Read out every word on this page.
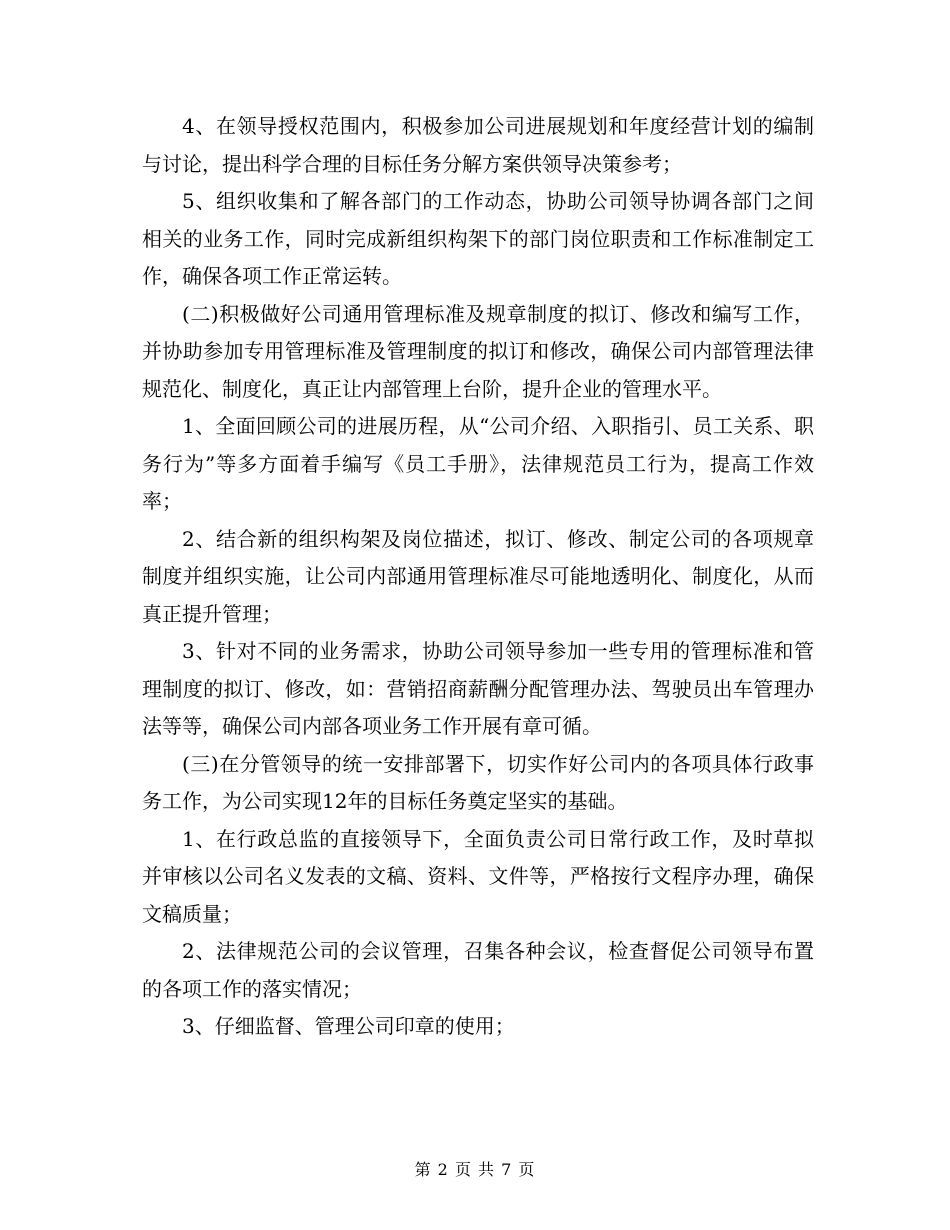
4、在领导授权范围内，积极参加公司进展规划和年度经营计划的编制与讨论，提出科学合理的目标任务分解方案供领导决策参考；

5、组织收集和了解各部门的工作动态，协助公司领导协调各部门之间相关的业务工作，同时完成新组织构架下的部门岗位职责和工作标准制定工作，确保各项工作正常运转。

(二)积极做好公司通用管理标准及规章制度的拟订、修改和编写工作，并协助参加专用管理标准及管理制度的拟订和修改，确保公司内部管理法律规范化、制度化，真正让内部管理上台阶，提升企业的管理水平。

1、全面回顾公司的进展历程，从“公司介绍、入职指引、员工关系、职务行为”等多方面着手编写《员工手册》，法律规范员工行为，提高工作效率；

2、结合新的组织构架及岗位描述，拟订、修改、制定公司的各项规章制度并组织实施，让公司内部通用管理标准尽可能地透明化、制度化，从而真正提升管理；

3、针对不同的业务需求，协助公司领导参加一些专用的管理标准和管理制度的拟订、修改，如：营销招商薪酬分配管理办法、驾驶员出车管理办法等等，确保公司内部各项业务工作开展有章可循。

(三)在分管领导的统一安排部署下，切实作好公司内的各项具体行政事务工作，为公司实现12年的目标任务奠定坚实的基础。

1、在行政总监的直接领导下，全面负责公司日常行政工作，及时草拟并审核以公司名义发表的文稿、资料、文件等，严格按行文程序办理，确保文稿质量；

2、法律规范公司的会议管理，召集各种会议，检查督促公司领导布置的各项工作的落实情况；

3、仔细监督、管理公司印章的使用；

第 2 页 共 7 页
